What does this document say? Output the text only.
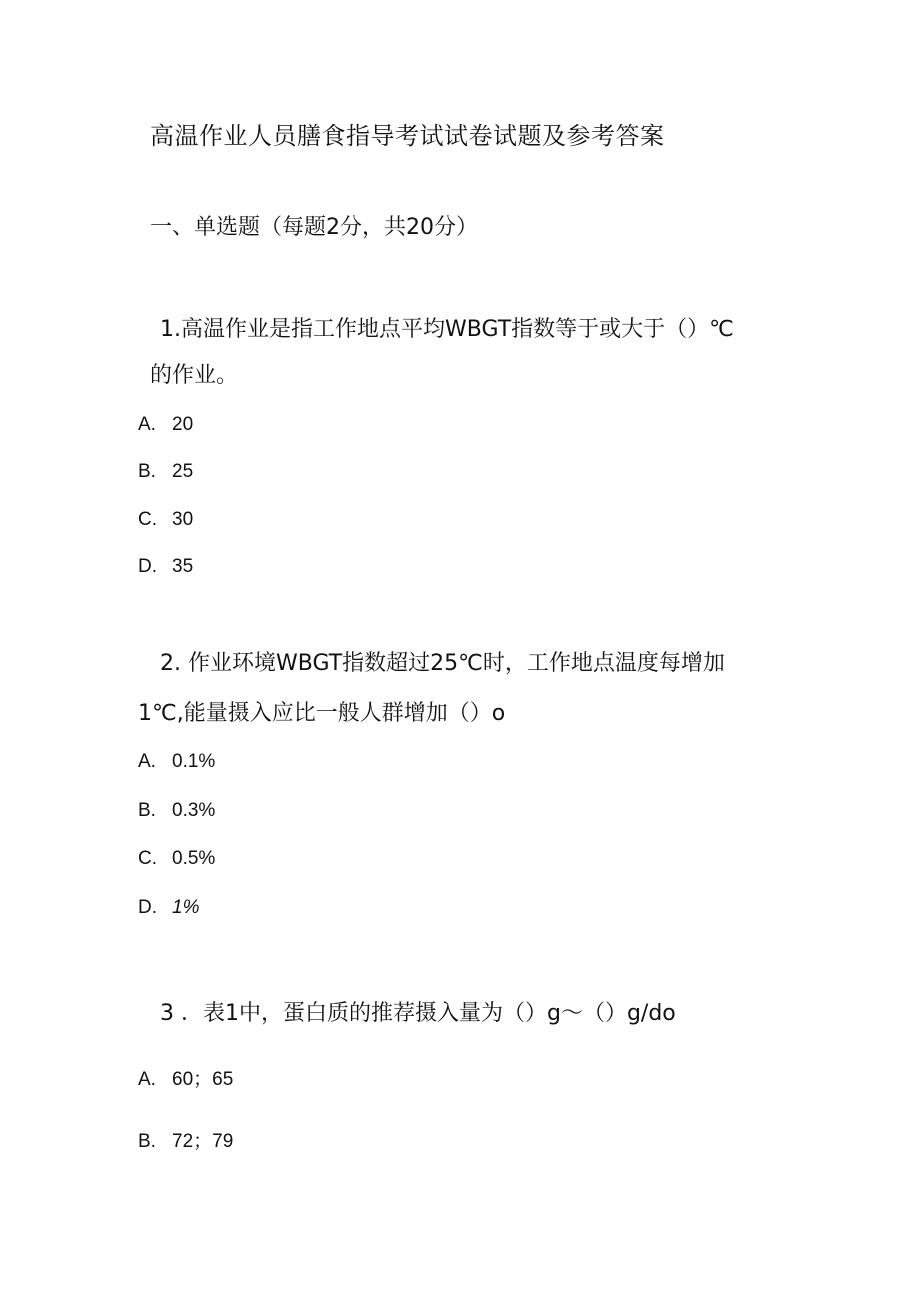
高温作业人员膳食指导考试试卷试题及参考答案
一、单选题（每题2分，共20分）
1.高温作业是指工作地点平均WBGT指数等于或大于（）℃
的作业。
A. 20
B. 25
C. 30
D. 35
2. 作业环境WBGT指数超过25℃时，工作地点温度每增加
1℃,能量摄入应比一般人群增加（）o
A. 0.1%
B. 0.3%
C. 0.5%
D. 1%
3 ．表1中，蛋白质的推荐摄入量为（）g～（）g/do
A. 60；65
B. 72；79
